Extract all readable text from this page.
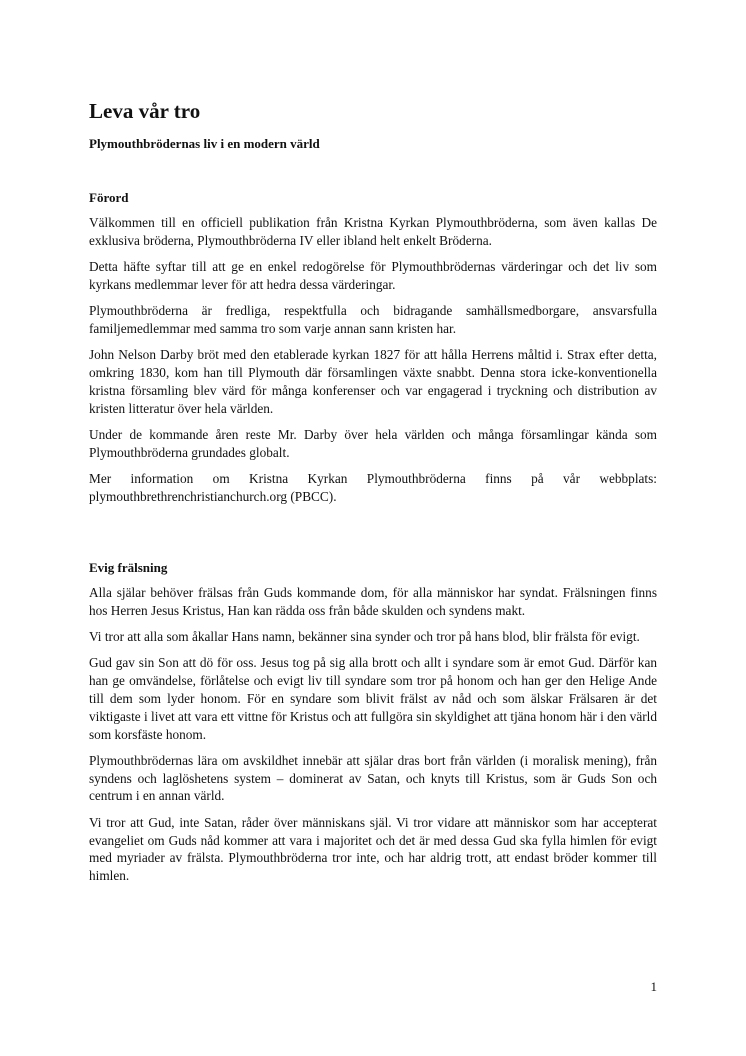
Leva vår tro
Plymouthbrödernas liv i en modern värld
Förord

Välkommen till en officiell publikation från Kristna Kyrkan Plymouthbröderna, som även kallas De exklusiva bröderna, Plymouthbröderna IV eller ibland helt enkelt Bröderna.

Detta häfte syftar till att ge en enkel redogörelse för Plymouthbrödernas värderingar och det liv som kyrkans medlemmar lever för att hedra dessa värderingar.

Plymouthbröderna är fredliga, respektfulla och bidragande samhällsmedborgare, ansvarsfulla familjemedlemmar med samma tro som varje annan sann kristen har.

John Nelson Darby bröt med den etablerade kyrkan 1827 för att hålla Herrens måltid i. Strax efter detta, omkring 1830, kom han till Plymouth där församlingen växte snabbt. Denna stora icke-konventionella kristna församling blev värd för många konferenser och var engagerad i tryckning och distribution av kristen litteratur över hela världen.

Under de kommande åren reste Mr. Darby över hela världen och många församlingar kända som Plymouthbröderna grundades globalt.

Mer information om Kristna Kyrkan Plymouthbröderna finns på vår webbplats: plymouthbrethrenchristianchurch.org (PBCC).

Evig frälsning

Alla själar behöver frälsas från Guds kommande dom, för alla människor har syndat. Frälsningen finns hos Herren Jesus Kristus, Han kan rädda oss från både skulden och syndens makt.

Vi tror att alla som åkallar Hans namn, bekänner sina synder och tror på hans blod, blir frälsta för evigt.

Gud gav sin Son att dö för oss. Jesus tog på sig alla brott och allt i syndare som är emot Gud. Därför kan han ge omvändelse, förlåtelse och evigt liv till syndare som tror på honom och han ger den Helige Ande till dem som lyder honom. För en syndare som blivit frälst av nåd och som älskar Frälsaren är det viktigaste i livet att vara ett vittne för Kristus och att fullgöra sin skyldighet att tjäna honom här i den värld som korsfäste honom.

Plymouthbrödernas lära om avskildhet innebär att själar dras bort från världen (i moralisk mening), från syndens och laglöshetens system – dominerat av Satan, och knyts till Kristus, som är Guds Son och centrum i en annan värld.

Vi tror att Gud, inte Satan, råder över människans själ. Vi tror vidare att människor som har accepterat evangeliet om Guds nåd kommer att vara i majoritet och det är med dessa Gud ska fylla himlen för evigt med myriader av frälsta. Plymouthbröderna tror inte, och har aldrig trott, att endast bröder kommer till himlen.

1
